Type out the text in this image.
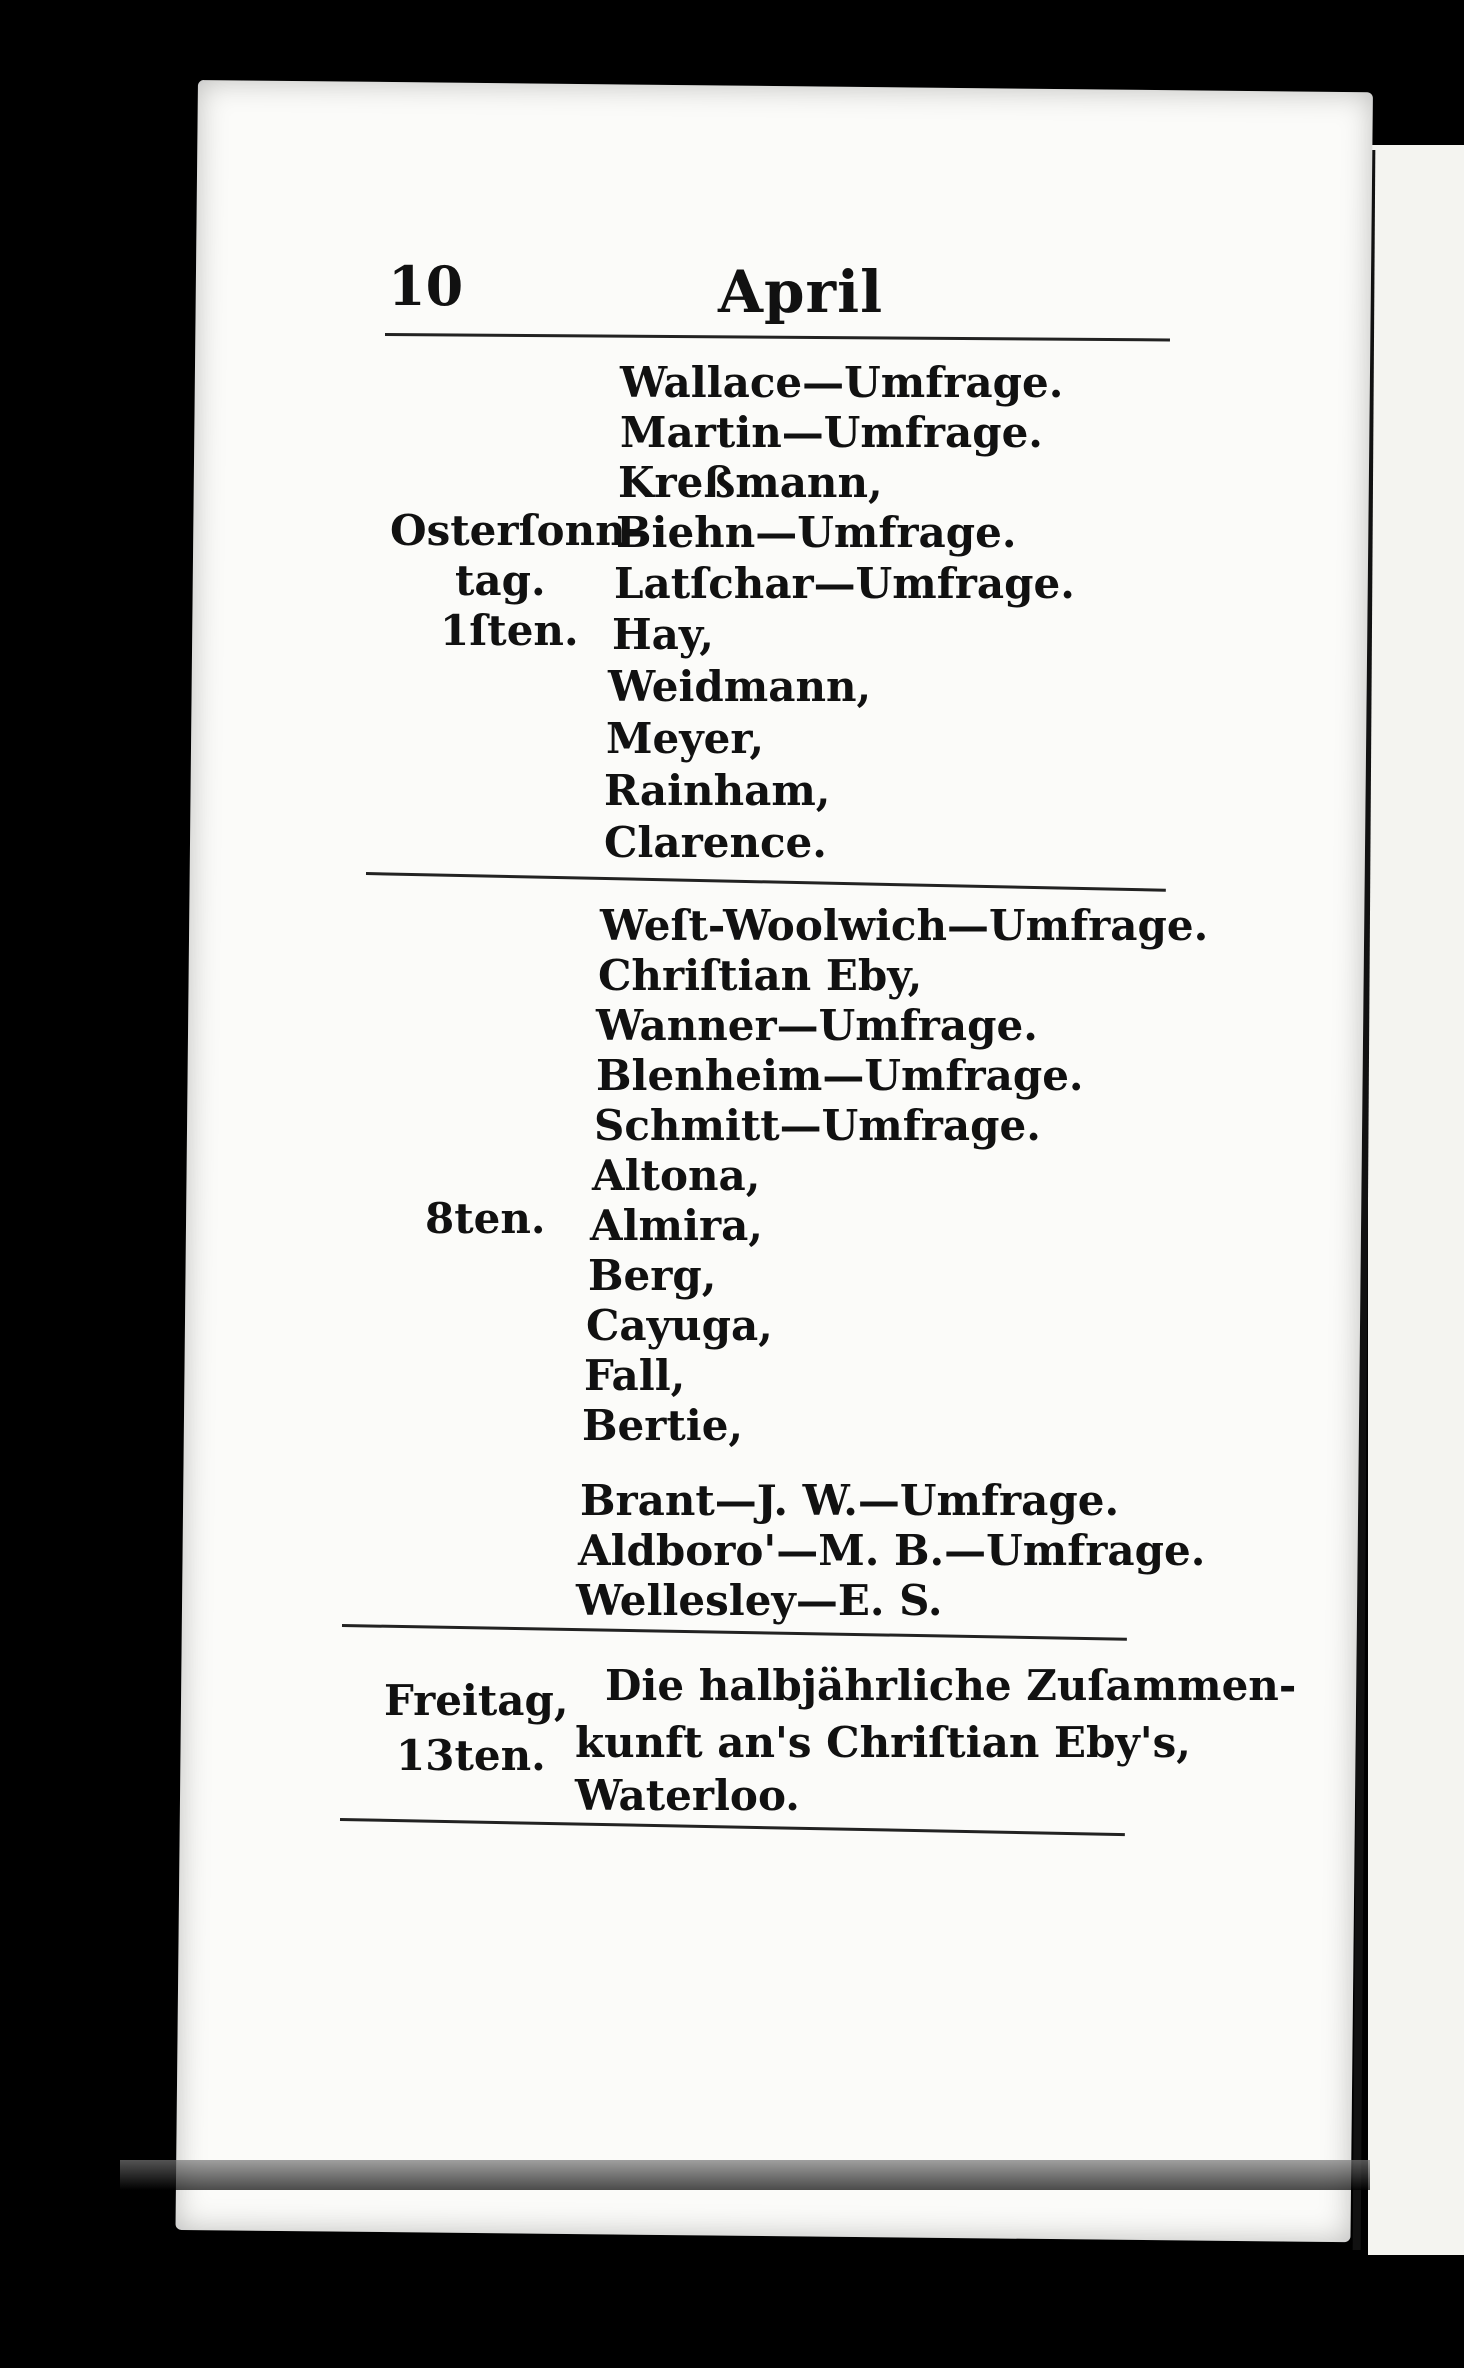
10	April
Osterſonn-
tag.
1ſten.
Wallace—Umfrage.
Martin—Umfrage.
Kreßmann,
Biehn—Umfrage.
Latſchar—Umfrage.
Hay,
Weidmann,
Meyer,
Rainham,
Clarence.
8ten.
Weſt-Woolwich—Umfrage.
Chriſtian Eby,
Wanner—Umfrage.
Blenheim—Umfrage.
Schmitt—Umfrage.
Altona,
Almira,
Berg,
Cayuga,
Fall,
Bertie,
Brant—J. W.—Umfrage.
Aldboro'—M. B.—Umfrage.
Wellesley—E. S.
Freitag,
13ten.
Die halbjährliche Zuſammen-
kunft an's Chriſtian Eby's,
Waterloo.
